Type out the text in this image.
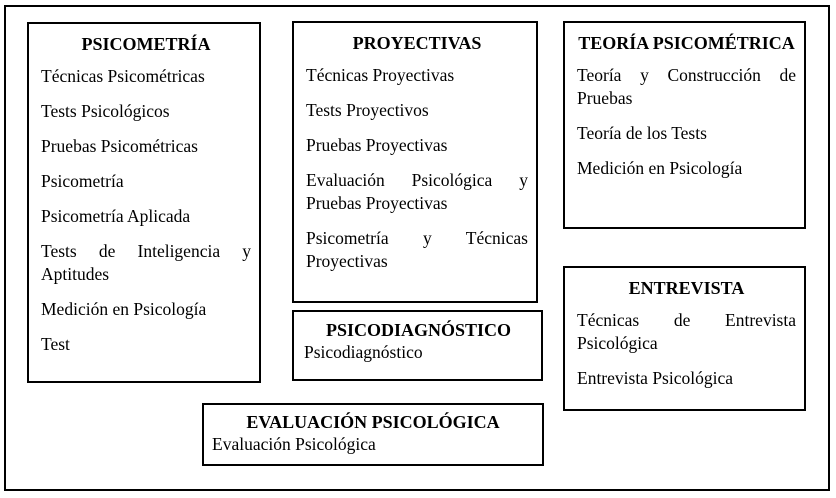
PSICOMETRÍA
Técnicas Psicométricas
Tests Psicológicos
Pruebas Psicométricas
Psicometría
Psicometría Aplicada
Tests de Inteligencia y Aptitudes
Medición en Psicología
Test
PROYECTIVAS
Técnicas Proyectivas
Tests Proyectivos
Pruebas Proyectivas
Evaluación Psicológica y Pruebas Proyectivas
Psicometría y Técnicas Proyectivas
TEORÍA PSICOMÉTRICA
Teoría y Construcción de Pruebas
Teoría de los Tests
Medición en Psicología
ENTREVISTA
Técnicas de Entrevista Psicológica
Entrevista Psicológica
PSICODIAGNÓSTICO
Psicodiagnóstico
EVALUACIÓN PSICOLÓGICA
Evaluación Psicológica
